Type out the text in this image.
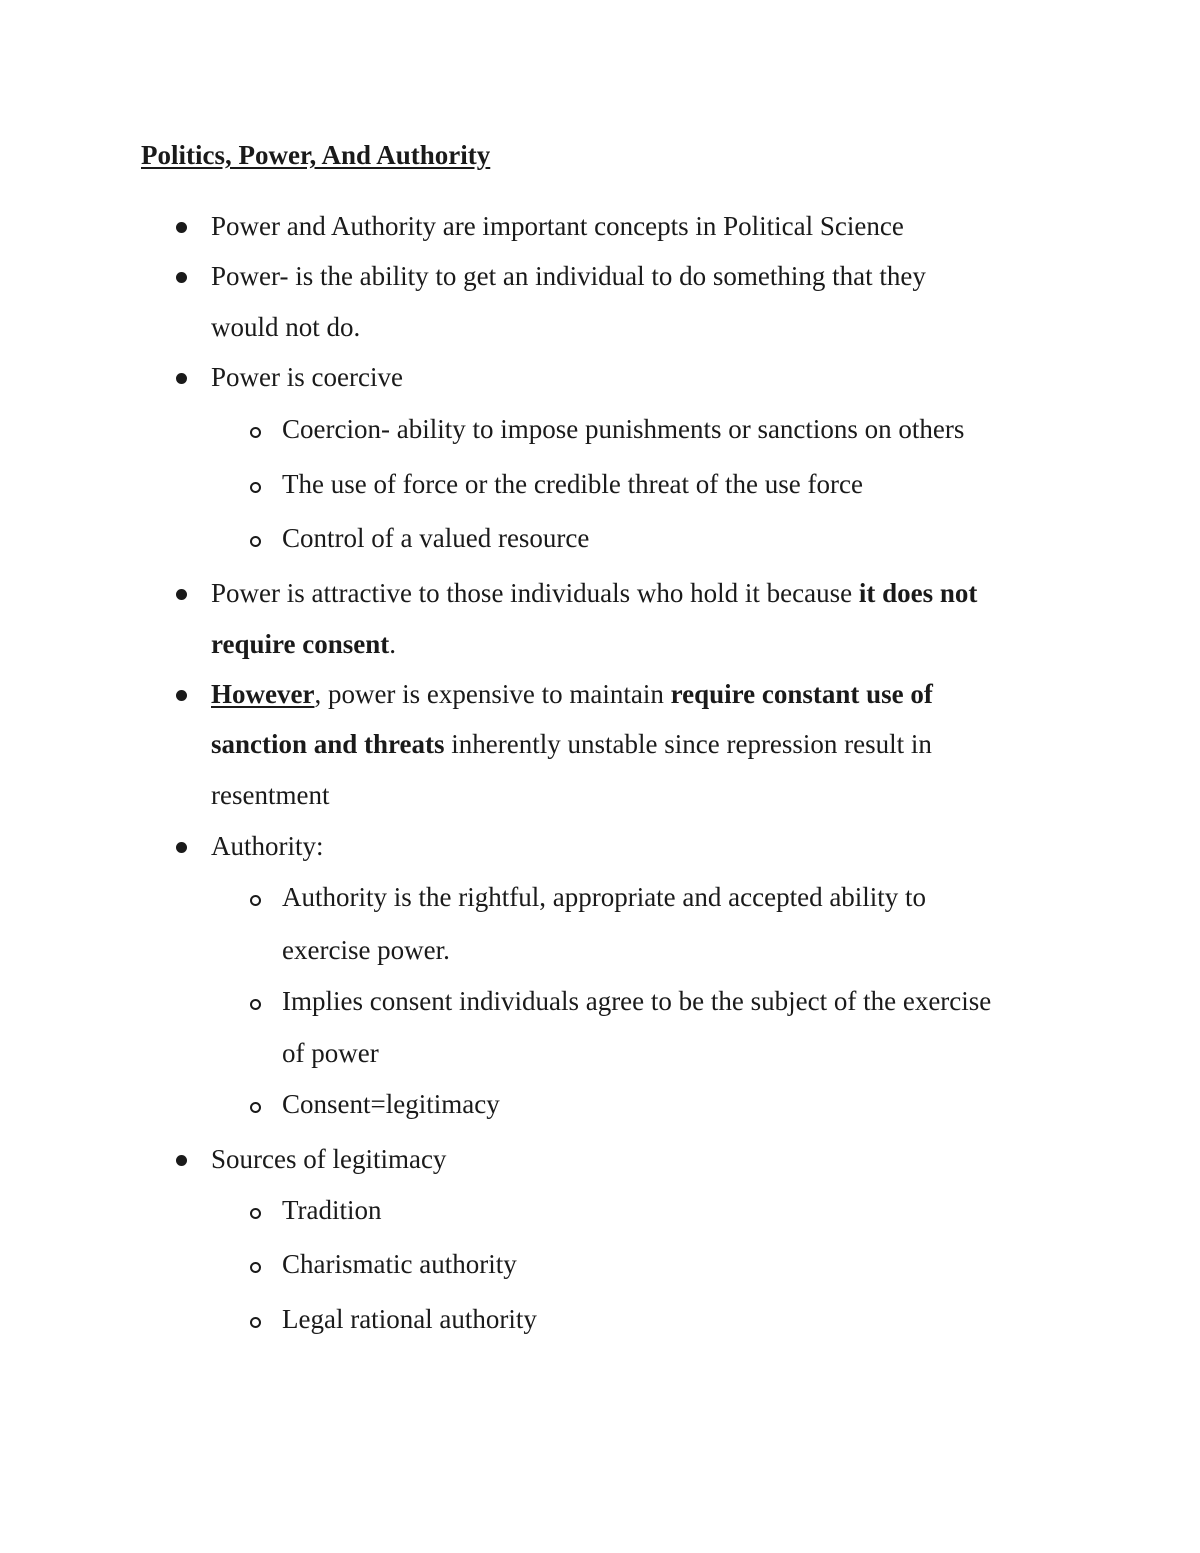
Politics, Power, And Authority

Power and Authority are important concepts in Political Science

Power- is the ability to get an individual to do something that they

would not do.

Power is coercive

Coercion- ability to impose punishments or sanctions on others

The use of force or the credible threat of the use force

Control of a valued resource

Power is attractive to those individuals who hold it because it does not

require consent.

However, power is expensive to maintain require constant use of

sanction and threats inherently unstable since repression result in

resentment

Authority:

Authority is the rightful, appropriate and accepted ability to

exercise power.

Implies consent individuals agree to be the subject of the exercise

of power

Consent=legitimacy

Sources of legitimacy

Tradition

Charismatic authority

Legal rational authority
